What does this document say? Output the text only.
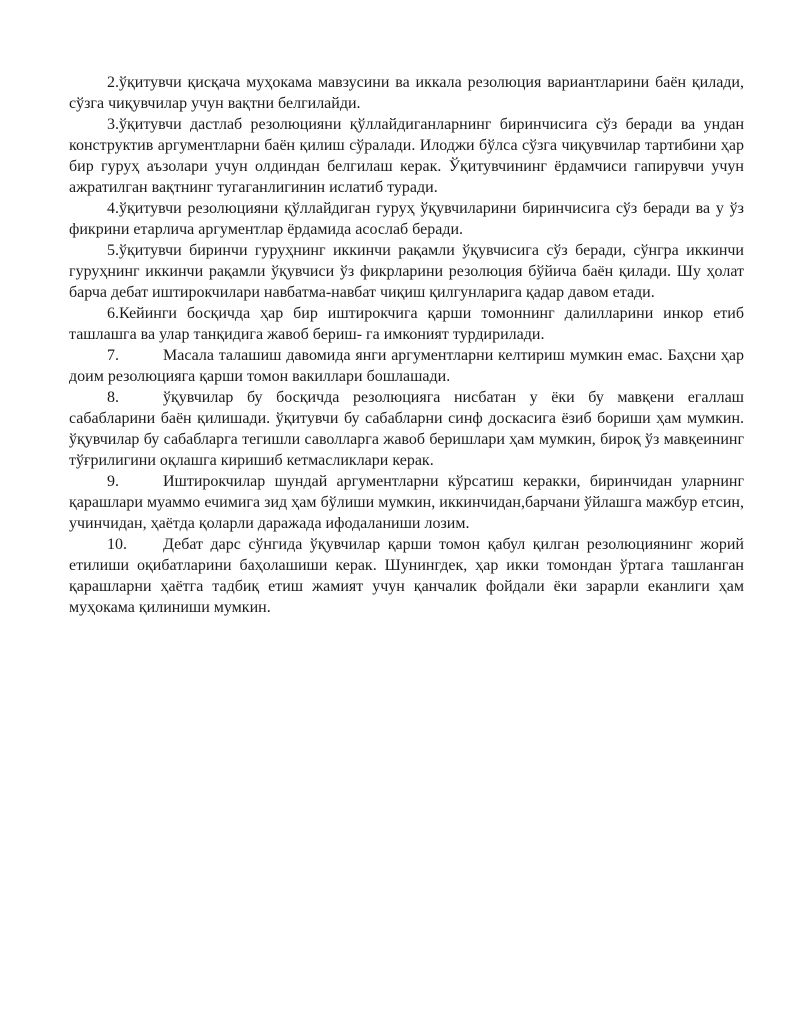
2.ўқитувчи қисқача муҳокама мавзусини ва иккала резолюция вариантларини баён қилади, сўзга чиқувчилар учун вақтни белгилайди.

3.ўқитувчи дастлаб резолюцияни қўллайдиганларнинг биринчисига сўз беради ва ундан конструктив аргументларни баён қилиш сўралади. Илоджи бўлса сўзга чиқувчилар тартибини ҳар бир гуруҳ аъзолари учун олдиндан белгилаш керак. Ўқитувчининг ёрдамчиси гапирувчи учун ажратилган вақтнинг тугаганлигинин ислатиб туради.

4.ўқитувчи резолюцияни қўллайдиган гуруҳ ўқувчиларини биринчисига сўз беради ва у ўз фикрини етарлича аргументлар ёрдамида асослаб беради.

5.ўқитувчи биринчи гуруҳнинг иккинчи рақамли ўқувчисига сўз беради, сўнгра иккинчи гуруҳнинг иккинчи рақамли ўқувчиси ўз фикрларини резолюция бўйича баён қилади. Шу ҳолат барча дебат иштирокчилари навбатма-навбат чиқиш қилгунларига қадар давом етади.

6.Кейинги босқичда ҳар бир иштирокчига қарши томоннинг далилларини инкор етиб ташлашга ва улар танқидига жавоб бериш- га имконият турдирилади.

7.	Масала талашиш давомида янги аргументларни келтириш мумкин емас. Баҳсни ҳар доим резолюцияга қарши томон вакиллари бошлашади.

8.	ўқувчилар бу босқичда резолюцияга нисбатан у ёки бу мавқени егаллаш сабабларини баён қилишади. ўқитувчи бу сабабларни синф доскасига ёзиб бориши ҳам мумкин. ўқувчилар бу сабабларга тегишли саволларга жавоб беришлари ҳам мумкин, бироқ ўз мавқеининг тўғрилигини оқлашга киришиб кетмасликлари керак.

9.	Иштирокчилар шундай аргументларни кўрсатиш керакки, биринчидан уларнинг қарашлари муаммо ечимига зид ҳам бўлиши мумкин, иккинчидан,барчани ўйлашга мажбур етсин, учинчидан, ҳаётда қоларли даражада ифодаланиши лозим.

10. Дебат дарс сўнгида ўқувчилар қарши томон қабул қилган резолюциянинг жорий етилиши оқибатларини баҳолашиши керак. Шунингдек, ҳар икки томондан ўртага ташланган қарашларни ҳаётга тадбиқ етиш жамият учун қанчалик фойдали ёки зарарли еканлиги ҳам муҳокама қилиниши мумкин.
